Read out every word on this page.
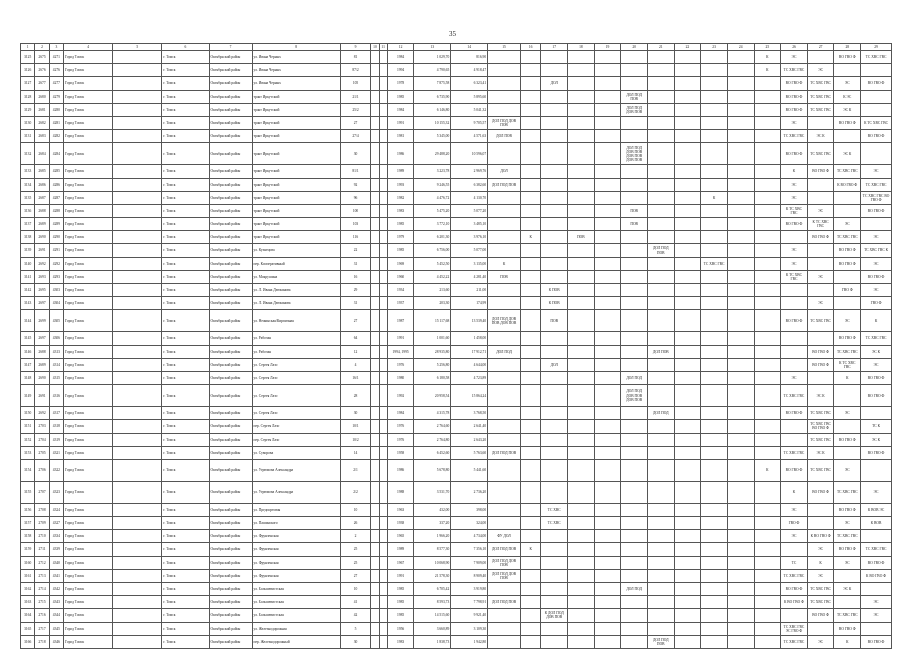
35
1	2	3	4	5	6	7	8	9	10	11	12	13	14	15	16	17	18	19	20	21	22	23	24	25	26	27	28	29
3125	2675	4271	Город Томск		г. Томск	Октябрьский район	ул. Ивана Черных	81			1984	1 029,70	816,90											К	ЭС		ВО ГВО Ф	ТС ХВС ГВС
3126	2676	4276	Город Томск		г. Томск	Октябрьский район	ул. Ивана Черных	87/2			1994	4 790,65	4 918,47											К	ТС ХВС ГВС	ЭС		
3127	2677	4277	Город Томск		г. Томск	Октябрьский район	ул. Ивана Черных	105			1978	7 875,58	6 323,41			ДОЛ									ВО ГВО Ф	ТС ХВС ГВС	ЭС	ВО ГВО Ф
3128	2680	4279	Город Томск		г. Томск	Октябрьский район	тракт Иркутский	21/1			1985	6 735,90	5 895,60						ДОЛ ПОД ПОВ						ВО ГВО Ф	ТС ХВС ГВС	К ЭС	
3129	2681	4280	Город Томск		г. Томск	Октябрьский район	тракт Иркутский	25/2			1984	6 146,80	5 041,32						ДОЛ ПОД ДОВ ПОВ						ВО ГВО Ф	ТС ХВС ГВС	ЭС К	
3130	2682	4281	Город Томск		г. Томск	Октябрьский район	тракт Иркутский	27			1991	10 155,32	9 705,57	ДОЛ ПОД ДОВ ПОВ											ЭС		ВО ГВО Ф	К ТС ХВС ГВС
3131	2683	4282	Город Томск		г. Томск	Октябрьский район	тракт Иркутский	27/4			1981	5 345,00	4 571,63	ДОЛ ПОВ											ТС ХВС ГВС	ЭС К		ВО ГВО Ф
3132	2684	4284	Город Томск		г. Томск	Октябрьский район	тракт Иркутский	30			1986	29 488,20	10 596,07						ДОЛ ПОД ДОВ ПОВ ДОВ ПОВ ДОВ ПОВ						ВО ГВО Ф	ТС ХВС ГВС	ЭС К	
3133	2685	4285	Город Томск		г. Томск	Октябрьский район	тракт Иркутский	81/1			1989	3 223,78	2 969,76	ДОЛ											К	ВО ГВО Ф	ТС ХВС ГВС	ЭС
3134	2686	4286	Город Томск		г. Томск	Октябрьский район	тракт Иркутский	92			1993	9 246,55	6 382,60	ДОЛ ПОД ПОВ											ЭС		К ВО ГВО Ф	ТС ХВС ГВС
3135	2687	4287	Город Томск		г. Томск	Октябрьский район	тракт Иркутский	96			1982	4 476,72	4 130,70									К			ЭС			ТС ХВС ГВС ВО ГВО Ф
3136	2688	4288	Город Томск		г. Томск	Октябрьский район	тракт Иркутский	100			1983	5 475,20	5 077,20						ПОВ						К ТС ХВС ГВС	ЭС		ВО ГВО Ф
3137	2689	4289	Город Томск		г. Томск	Октябрьский район	тракт Иркутский	103			1985	3 772,10	3 485,10						ПОВ						ВО ГВО Ф	К ТС ХВС ГВС	ЭС	
3138	2690	4290	Город Томск		г. Томск	Октябрьский район	тракт Иркутский	116			1979	6 201,30	3 976,10		К		ПОВ									ВО ГВО Ф	ТС ХВС ГВС	ЭС
3139	2691	4291	Город Томск		г. Томск	Октябрьский район	ул. Кузнецова	22			1985	6 756,00	5 077,00							ДОЛ ПОД ПОВ					ЭС		ВО ГВО Ф	ТС ХВС ГВС К
3140	2692	4292	Город Томск		г. Томск	Октябрьский район	пер. Кооперативный	31			1969	5 452,50	3 135,00	К								ТС ХВС ГВС			ЭС		ВО ГВО Ф	ЭС
3141	2693	4293	Город Томск		г. Томск	Октябрьский район	ул. Мокрушина	16			1960	4 452,22	4 281,40	ПОВ											К ТС ХВС ГВС	ЭС		ВО ГВО Ф
3142	2695	4303	Город Томск		г. Томск	Октябрьский район	ул. Л. Ивана Дзюкинова	29			1934	213,60	211,00			К ПОВ											ГВО Ф	ЭС
3143	2697	4304	Город Томск		г. Томск	Октябрьский район	ул. Л. Ивана Дзюкинова	31			1937	203,30	174,99			К ПОВ										ЭС		ГВО Ф
3144	2699	4305	Город Томск		г. Томск	Октябрьский район	ул. Нежинская/Кирпичная	27			1987	15 117,68	13 539,40	ДОЛ ПОД ДОВ ПОВ ДОВ ПОВ		ПОВ									ВО ГВО Ф	ТС ХВС ГВС	ЭС	К
3145	2697	4306	Город Томск		г. Томск	Октябрьский район	ул. Рабочая	64			1991	1 001,60	1 458,00														ВО ГВО Ф	ТС ХВС ГВС
3146	2688	4313	Город Томск		г. Томск	Октябрьский район	ул. Рабочая	12			1994, 1995	28 935,80	17 912,71	ДОЛ ПОД						ДОЛ ПОВ						ВО ГВО Ф	ТС ХВС ГВС	ЭС К
3147	2689	4314	Город Томск		г. Томск	Октябрьский район	ул. Сергея Лазо	4			1976	5 256,80	4 644,00			ДОЛ										ВО ГВО Ф	К ТС ХВС ГВС	ЭС
3148	2690	4315	Город Томск		г. Томск	Октябрьский район	ул. Сергея Лазо	16/1			1980	6 180,58	4 723,89						ДОЛ ПОД						ЭС		К	ВО ГВО Ф
3149	2691	4316	Город Томск		г. Томск	Октябрьский район	ул. Сергея Лазо	28			1992	20 958,54	15 864,24						ДОЛ ПОД ДОВ ПОВ ДОВ ПОВ						ТС ХВС ГВС	ЭС К		ВО ГВО Ф
3150	2692	4317	Город Томск		г. Томск	Октябрьский район	ул. Сергея Лазо	30			1984	4 315,78	3 768,50							ДОЛ ПОД					ВО ГВО Ф	ТС ХВС ГВС	ЭС	
3151	2703	4318	Город Томск		г. Томск	Октябрьский район	пер. Сергея Лазо	10/1			1976	2 764,60	2 641,40													ТС ХВС ГВС ВО ГВО Ф		ТС К
3152	2704	4319	Город Томск		г. Томск	Октябрьский район	пер. Сергея Лазо	10/2			1976	2 764,80	2 643,20													ТС ХВС ГВС	ВО ГВО Ф	ЭС К
3153	2705	4321	Город Томск		г. Томск	Октябрьский район	ул. Суворова	14			1958	6 452,60	5 763,60	ДОЛ ПОД ПОВ											ТС ХВС ГВС	ЭС К		ВО ГВО Ф
3154	2706	4322	Город Томск		г. Томск	Октябрьский район	ул. Угрюмова Александра	2/1			1986	5 678,80	5 441,60											К	ВО ГВО Ф	ТС ХВС ГВС	ЭС	
3155	2707	4323	Город Томск		г. Томск	Октябрьский район	ул. Угрюмова Александра	2/2			1988	3 531,70	2 736,20												К	ВО ГВО Ф	ТС ХВС ГВС	ЭС
3156	2708	4324	Город Томск		г. Томск	Октябрьский район	ул. Предпортовая	10			1963	432,00	398,00			ТС ХВС									ЭС		ВО ГВО Ф	К ВОВ ЭС
3157	2709	4327	Город Томск		г. Томск	Октябрьский район	ул. Пашинского	26			1938	337,20	324,00			ТС ХВС									ГВО Ф		ЭС	К ВОВ
3158	2710	4334	Город Томск		г. Томск	Октябрьский район	ул. Фрунзенская	2			1965	1 966,20	4 734,00	ФУ ДОЛ											ЭС	К ВО ГВО Ф	ТС ХВС ГВС	
3159	2711	4339	Город Томск		г. Томск	Октябрьский район	ул. Фрунзенская	25			1989	8 577,30	7 356,10	ДОЛ ПОД ПОВ	К											ЭС	ВО ГВО Ф	ТС ХВС ГВС
3160	2712	4340	Город Томск		г. Томск	Октябрьский район	ул. Фрунзенская	25			1967	10 068,90	7 909,00	ДОЛ ПОД ДОВ ПОВ											ТС	К	ЭС	ВО ГВО Ф
3161	2713	4341	Город Томск		г. Томск	Октябрьский район	ул. Фрунзенская	27			1991	21 578,30	8 909,40	ДОЛ ПОД ДОВ ПОВ											ТС ХВС ГВС	ЭС		К ВО ГВО Ф
3162	2714	4342	Город Томск		г. Томск	Октябрьский район	ул. Большевистская	10			1985	6 705,42	3 919,80						ДОЛ ПОД						ВО ГВО Ф	ТС ХВС ГВС	ЭС К	
3163	2715	4343	Город Томск		г. Томск	Октябрьский район	ул. Большевистская	41			1985	8 593,73	7 798,91	ДОЛ ПОД ПОВ											К ВО ГВО Ф	ТС ХВС ГВС		ЭС
3164	2716	4344	Город Томск		г. Томск	Октябрьский район	ул. Большевистская	42			1985	14 515,60	9 921,40			К ДОЛ ПОД ДОВ ПОВ										ВО ГВО Ф	ТС ХВС ГВС	ЭС
3165	2717	4345	Город Томск		г. Томск	Октябрьский район	ул. Железнодорожная	5			1956	3 660,89	3 109,30												ТС ХВС ГВС ЭС ГВО Ф		ВО ГВО Ф	
3166	2718	4346	Город Томск		г. Томск	Октябрьский район	пер. Железнодорожный	30			1983	1 838,73	1 942,80							ДОЛ ПОД ПОВ					ТС ХВС ГВС	ЭС	К	ВО ГВО Ф
